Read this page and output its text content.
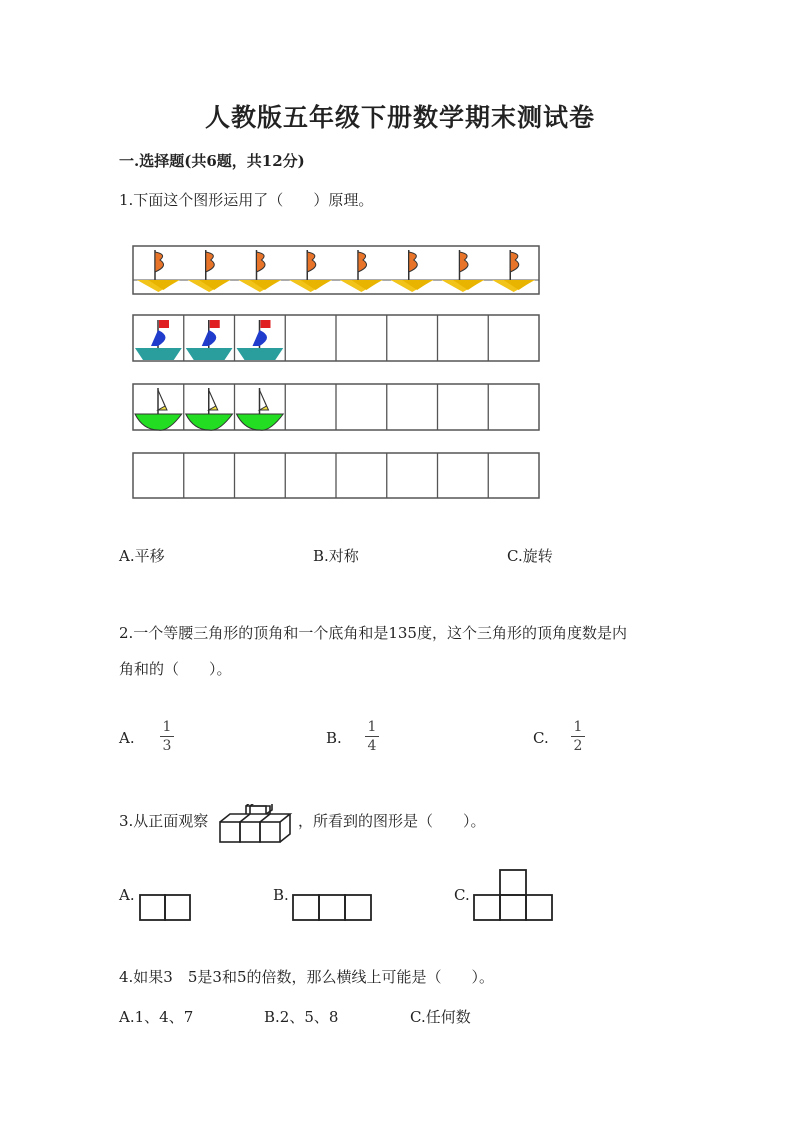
人教版五年级下册数学期末测试卷
一.选择题(共6题，共12分)
1.下面这个图形运用了（　　）原理。
A.平移	B.对称	C.旋转
2.一个等腰三角形的顶角和一个底角和是135度，这个三角形的顶角度数是内
角和的（　　）。
A.
1
3	B.
1
4	C.
1
2
3.从正面观察	，所看到的图形是（　　）。
A.	B.	C.
4.如果3　5是3和5的倍数，那么横线上可能是（　　）。
A.1、4、7	B.2、5、8	C.任何数
